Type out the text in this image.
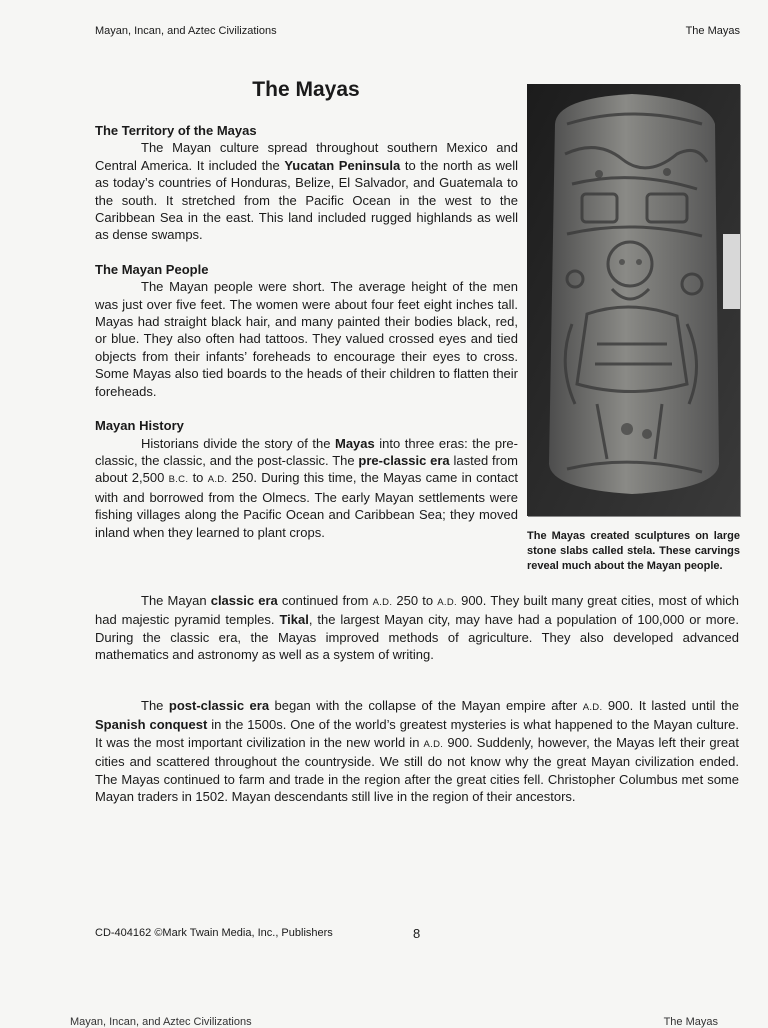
Mayan, Incan, and Aztec Civilizations	The Mayas
The Mayas
The Territory of the Mayas

The Mayan culture spread throughout southern Mexico and Central America. It included the Yucatan Peninsula to the north as well as today’s countries of Honduras, Belize, El Salvador, and Guatemala to the south. It stretched from the Pacific Ocean in the west to the Caribbean Sea in the east. This land included rugged highlands as well as dense swamps.

The Mayan People

The Mayan people were short. The average height of the men was just over five feet. The women were about four feet eight inches tall. Mayas had straight black hair, and many painted their bodies black, red, or blue. They also often had tattoos. They valued crossed eyes and tied objects from their infants’ foreheads to encourage their eyes to cross. Some Mayas also tied boards to the heads of their children to flatten their foreheads.

Mayan History

Historians divide the story of the Mayas into three eras: the pre-classic, the classic, and the post-classic. The pre-classic era lasted from about 2,500 B.C. to A.D. 250. During this time, the Mayas came in contact with and borrowed from the Olmecs. The early Mayan settlements were fishing villages along the Pacific Ocean and Caribbean Sea; they moved inland when they learned to plant crops.	The Mayas created sculptures on large stone slabs called stela. These carvings reveal much about the Mayan people.

The Mayan classic era continued from A.D. 250 to A.D. 900. They built many great cities, most of which had majestic pyramid temples. Tikal, the largest Mayan city, may have had a population of 100,000 or more. During the classic era, the Mayas improved methods of agriculture. They also developed advanced mathematics and astronomy as well as a system of writing.

The post-classic era began with the collapse of the Mayan empire after A.D. 900. It lasted until the Spanish conquest in the 1500s. One of the world’s greatest mysteries is what happened to the Mayan culture. It was the most important civilization in the new world in A.D. 900. Suddenly, however, the Mayas left their great cities and scattered throughout the countryside. We still do not know why the great Mayan civilization ended. The Mayas continued to farm and trade in the region after the great cities fell. Christopher Columbus met some Mayan traders in 1502. Mayan descendants still live in the region of their ancestors.

CD-404162 ©Mark Twain Media, Inc., Publishers	8
Mayan, Incan, and Aztec Civilizations	The Mayas
